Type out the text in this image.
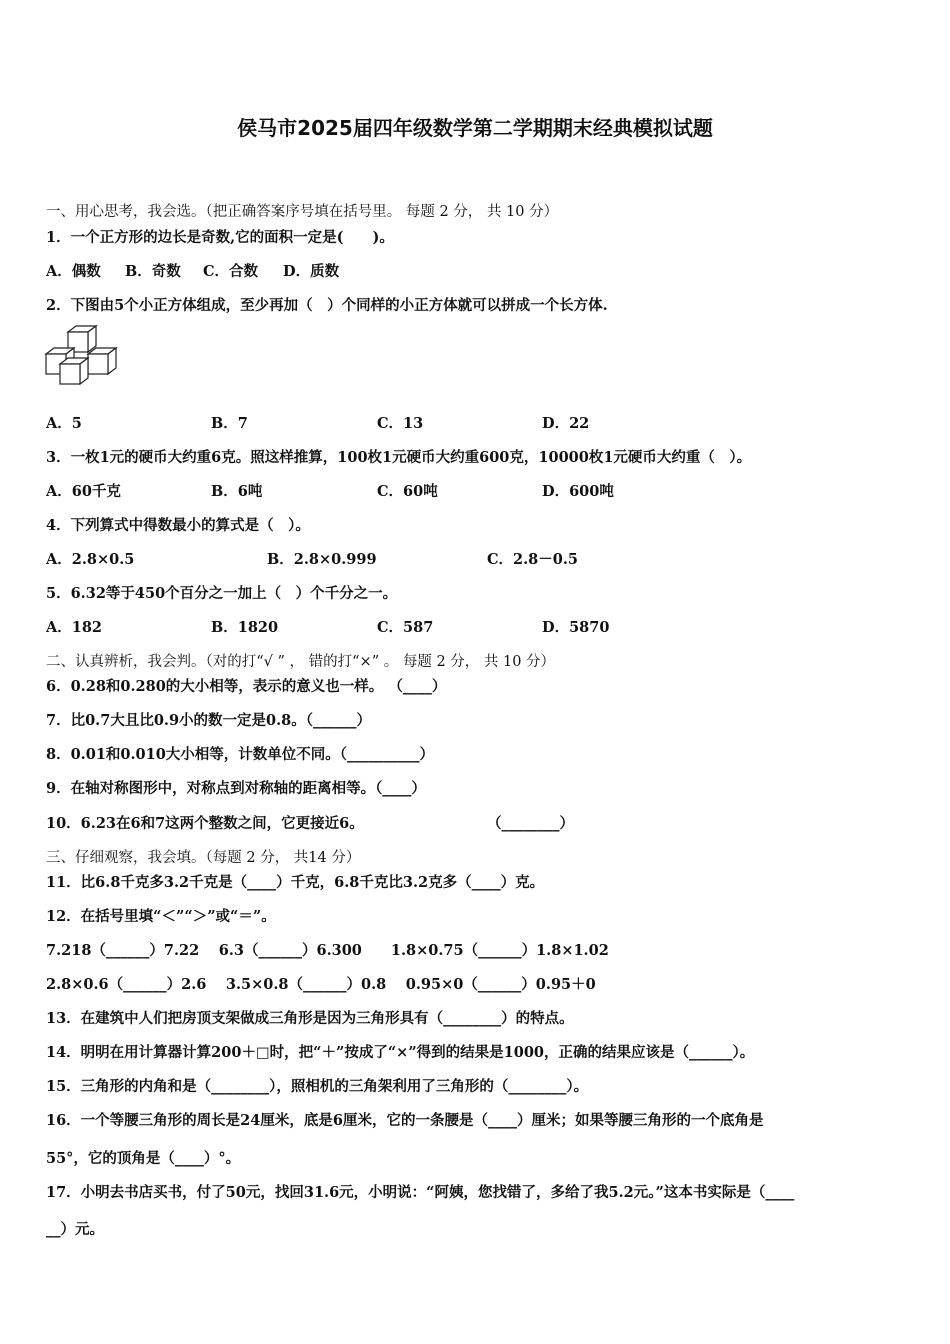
侯马市2025届四年级数学第二学期期末经典模拟试题
一、用心思考，我会选。（把正确答案序号填在括号里。 每题 2 分， 共 10 分）
1．一个正方形的边长是奇数,它的面积一定是(　　)。
A．偶数 B．奇数 C．合数 D．质数
2．下图由5个小正方体组成，至少再加（　）个同样的小正方体就可以拼成一个长方体.
A．5	B．7	C．13	D．22
3．一枚1元的硬币大约重6克。照这样推算，100枚1元硬币大约重600克，10000枚1元硬币大约重（　）。
A．60千克	B．6吨	C．60吨	D．600吨
4．下列算式中得数最小的算式是（　）。
A．2.8×0.5	B．2.8×0.999	C．2.8－0.5
5．6.32等于450个百分之一加上（　）个千分之一。
A．182	B．1820	C．587	D．5870
二、认真辨析，我会判。（对的打“√ ” ， 错的打“×” 。 每题 2 分， 共 10 分）
6．0.28和0.280的大小相等，表示的意义也一样。 （____）
7．比0.7大且比0.9小的数一定是0.8。（______）
8．0.01和0.010大小相等，计数单位不同。（__________）
9．在轴对称图形中，对称点到对称轴的距离相等。（____）
10．6.23在6和7这两个整数之间，它更接近6。	（________）
三、仔细观察，我会填。（每题 2 分， 共14 分）
11．比6.8千克多3.2千克是（____）千克，6.8千克比3.2克多（____）克。
12．在括号里填“＜”“＞”或“＝”。
7.218（______）7.22　 6.3（______）6.300　　1.8×0.75（______）1.8×1.02
2.8×0.6（______）2.6　 3.5×0.8（______）0.8　 0.95×0（______）0.95＋0
13．在建筑中人们把房顶支架做成三角形是因为三角形具有（________）的特点。
14．明明在用计算器计算200＋□时，把“＋”按成了“×”得到的结果是1000，正确的结果应该是（______）。
15．三角形的内角和是（________），照相机的三角架利用了三角形的（________）。
16．一个等腰三角形的周长是24厘米，底是6厘米，它的一条腰是（____）厘米；如果等腰三角形的一个底角是
55°，它的顶角是（____）°。
17．小明去书店买书，付了50元，找回31.6元，小明说：“阿姨，您找错了，多给了我5.2元。”这本书实际是（____
__）元。
